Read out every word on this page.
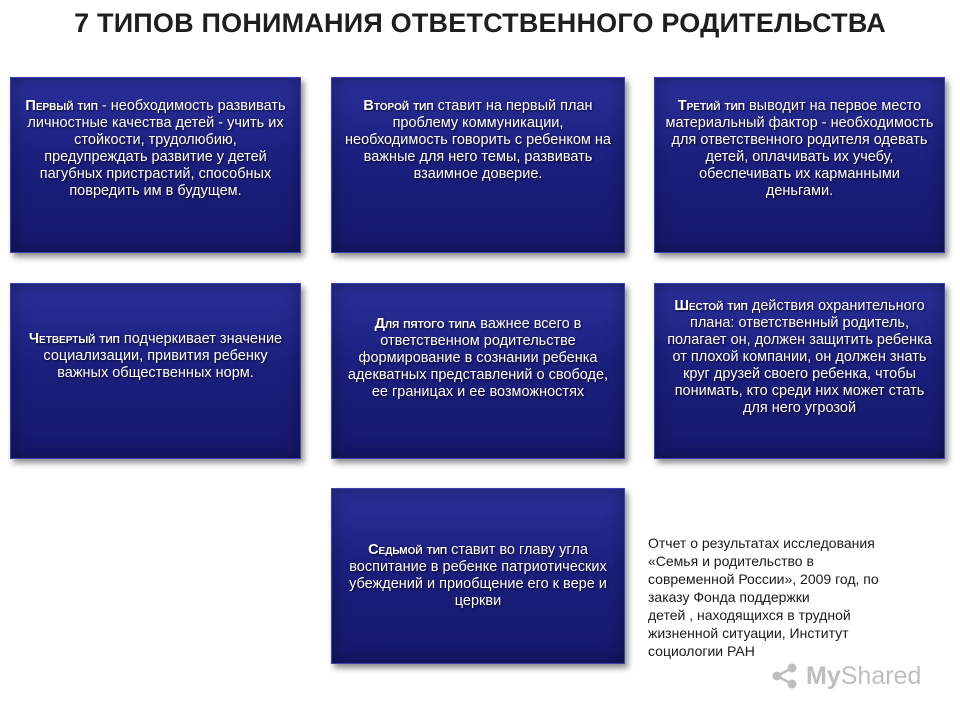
7 ТИПОВ ПОНИМАНИЯ ОТВЕТСТВЕННОГО РОДИТЕЛЬСТВА
Первый тип - необходимость развивать личностные качества детей - учить их стойкости, трудолюбию, предупреждать развитие у детей пагубных пристрастий, способных повредить им в будущем.
Второй тип ставит на первый план проблему коммуникации, необходимость говорить с ребенком на важные для него темы, развивать взаимное доверие.
Третий тип выводит на первое место материальный фактор - необходимость для ответственного родителя одевать детей, оплачивать их учебу, обеспечивать их карманными деньгами.
Четвертый тип подчеркивает значение социализации, привития ребенку важных общественных норм.
Для пятого типа важнее всего в ответственном родительстве формирование в сознании ребенка адекватных представлений о свободе, ее границах и ее возможностях
Шестой тип действия охранительного плана: ответственный родитель, полагает он, должен защитить ребенка от плохой компании, он должен знать круг друзей своего ребенка, чтобы понимать, кто среди них может стать для него угрозой
Седьмой тип ставит во главу угла воспитание в ребенке патриотических убеждений и приобщение его к вере и церкви
Отчет о результатах исследования
«Семья и родительство в
современной России», 2009 год, по
заказу Фонда поддержки
детей , находящихся в трудной
жизненной ситуации, Институт
социологии РАН
MyShared
